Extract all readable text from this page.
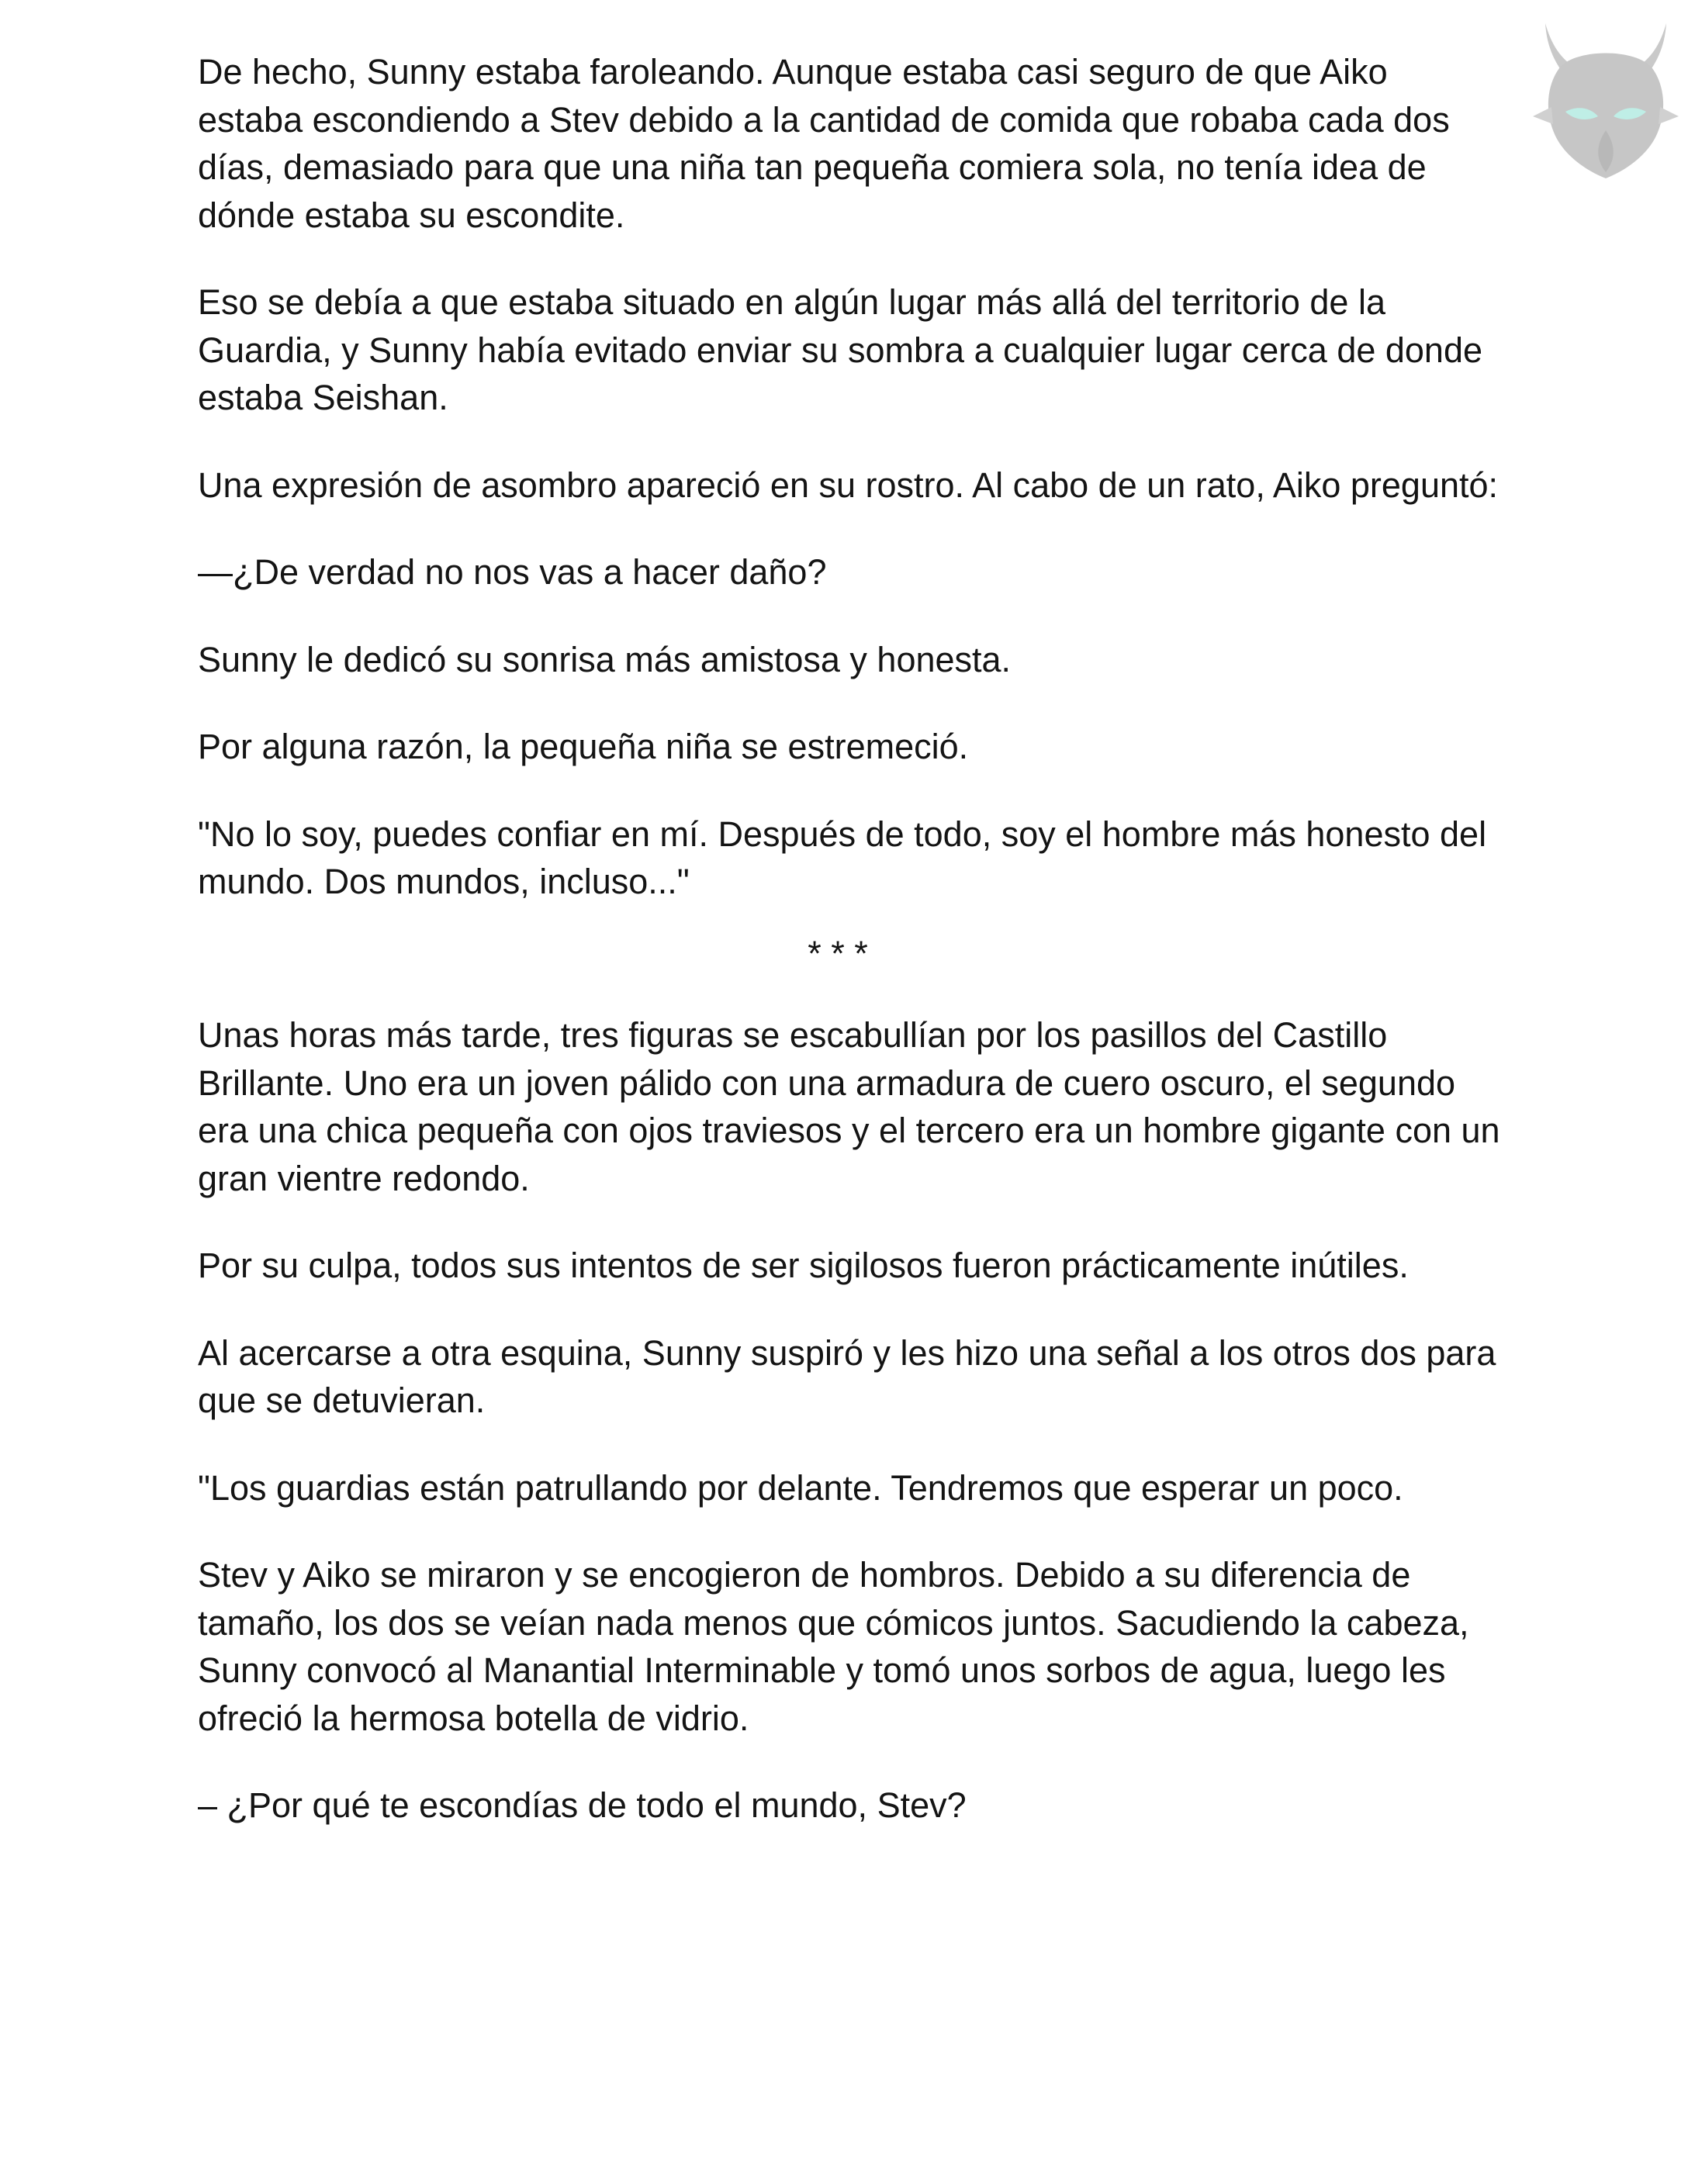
De hecho, Sunny estaba faroleando. Aunque estaba casi seguro de que Aiko estaba escondiendo a Stev debido a la cantidad de comida que robaba cada dos días, demasiado para que una niña tan pequeña comiera sola, no tenía idea de dónde estaba su escondite.

Eso se debía a que estaba situado en algún lugar más allá del territorio de la Guardia, y Sunny había evitado enviar su sombra a cualquier lugar cerca de donde estaba Seishan.

Una expresión de asombro apareció en su rostro. Al cabo de un rato, Aiko preguntó:

—¿De verdad no nos vas a hacer daño?

Sunny le dedicó su sonrisa más amistosa y honesta.

Por alguna razón, la pequeña niña se estremeció.

"No lo soy, puedes confiar en mí. Después de todo, soy el hombre más honesto del mundo. Dos mundos, incluso..."

* * *

Unas horas más tarde, tres figuras se escabullían por los pasillos del Castillo Brillante. Uno era un joven pálido con una armadura de cuero oscuro, el segundo era una chica pequeña con ojos traviesos y el tercero era un hombre gigante con un gran vientre redondo.

Por su culpa, todos sus intentos de ser sigilosos fueron prácticamente inútiles.

Al acercarse a otra esquina, Sunny suspiró y les hizo una señal a los otros dos para que se detuvieran.

"Los guardias están patrullando por delante. Tendremos que esperar un poco.

Stev y Aiko se miraron y se encogieron de hombros. Debido a su diferencia de tamaño, los dos se veían nada menos que cómicos juntos. Sacudiendo la cabeza, Sunny convocó al Manantial Interminable y tomó unos sorbos de agua, luego les ofreció la hermosa botella de vidrio.

– ¿Por qué te escondías de todo el mundo, Stev?
